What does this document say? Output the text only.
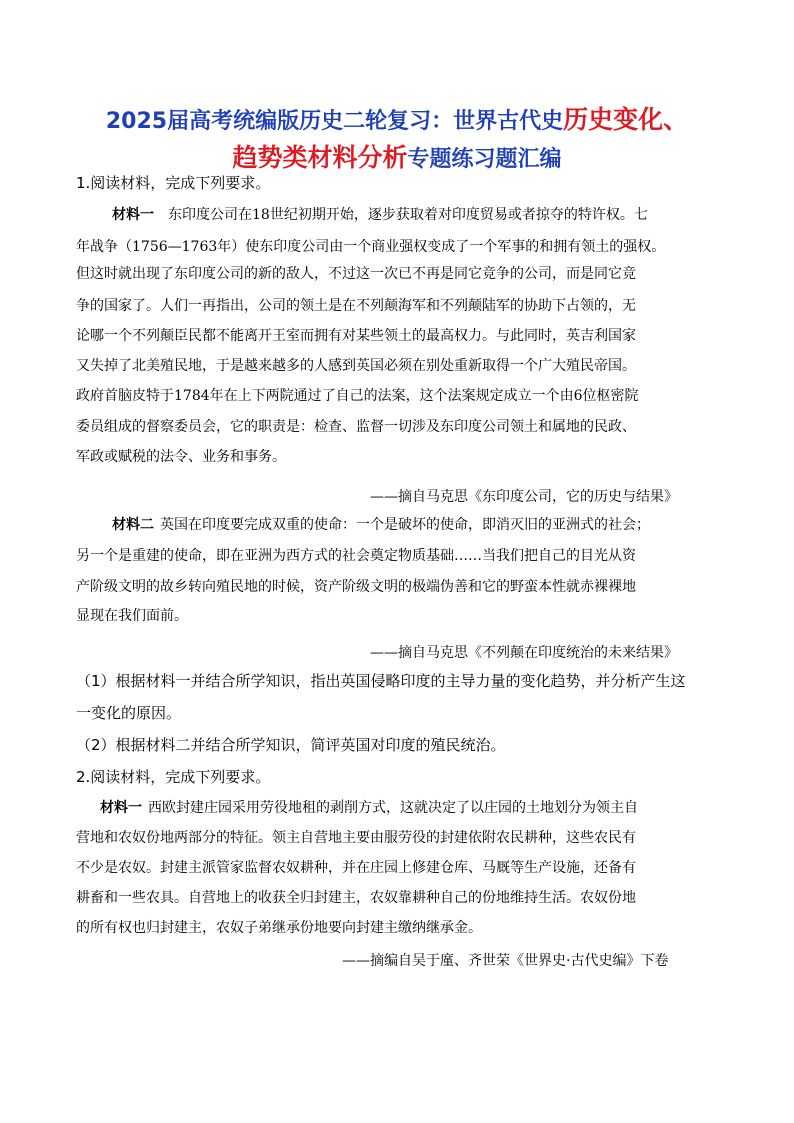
2025届高考统编版历史二轮复习：世界古代史历史变化、
趋势类材料分析专题练习题汇编
1.阅读材料，完成下列要求。
材料一 东印度公司在18世纪初期开始，逐步获取着对印度贸易或者掠夺的特许权。七
年战争（1756—1763年）使东印度公司由一个商业强权变成了一个军事的和拥有领土的强权。
但这时就出现了东印度公司的新的敌人，不过这一次已不再是同它竞争的公司，而是同它竞
争的国家了。人们一再指出，公司的领土是在不列颠海军和不列颠陆军的协助下占领的，无
论哪一个不列颠臣民都不能离开王室而拥有对某些领土的最高权力。与此同时，英吉利国家
又失掉了北美殖民地，于是越来越多的人感到英国必须在别处重新取得一个广大殖民帝国。
政府首脑皮特于1784年在上下两院通过了自己的法案，这个法案规定成立一个由6位枢密院
委员组成的督察委员会，它的职责是：检查、监督一切涉及东印度公司领土和属地的民政、
军政或赋税的法令、业务和事务。
——摘自马克思《东印度公司，它的历史与结果》
材料二 英国在印度要完成双重的使命：一个是破坏的使命，即消灭旧的亚洲式的社会；
另一个是重建的使命，即在亚洲为西方式的社会奠定物质基础……当我们把自己的目光从资
产阶级文明的故乡转向殖民地的时候，资产阶级文明的极端伪善和它的野蛮本性就赤裸裸地
显现在我们面前。
——摘自马克思《不列颠在印度统治的未来结果》
（1）根据材料一并结合所学知识，指出英国侵略印度的主导力量的变化趋势，并分析产生这
一变化的原因。
（2）根据材料二并结合所学知识，简评英国对印度的殖民统治。
2.阅读材料，完成下列要求。
材料一 西欧封建庄园采用劳役地租的剥削方式，这就决定了以庄园的土地划分为领主自
营地和农奴份地两部分的特征。领主自营地主要由服劳役的封建依附农民耕种，这些农民有
不少是农奴。封建主派管家监督农奴耕种，并在庄园上修建仓库、马厩等生产设施，还备有
耕畜和一些农具。自营地上的收获全归封建主，农奴靠耕种自己的份地维持生活。农奴份地
的所有权也归封建主，农奴子弟继承份地要向封建主缴纳继承金。
——摘编自吴于廑、齐世荣《世界史·古代史编》下卷
